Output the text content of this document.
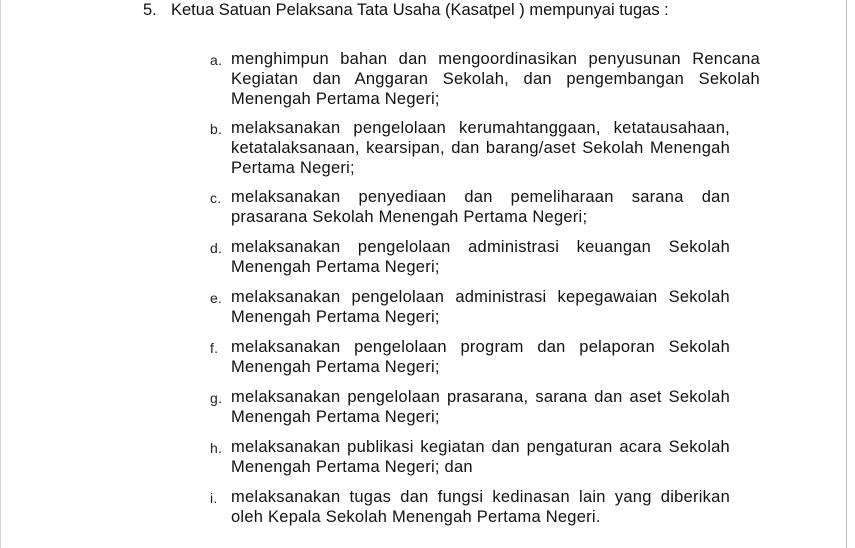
5. Ketua Satuan Pelaksana Tata Usaha (Kasatpel ) mempunyai tugas :
a. menghimpun bahan dan mengoordinasikan penyusunan Rencana Kegiatan dan Anggaran Sekolah, dan pengembangan Sekolah Menengah Pertama Negeri;
b. melaksanakan pengelolaan kerumahtanggaan, ketatausahaan, ketatalaksanaan, kearsipan, dan barang/aset Sekolah Menengah Pertama Negeri;
c. melaksanakan penyediaan dan pemeliharaan sarana dan prasarana Sekolah Menengah Pertama Negeri;
d. melaksanakan pengelolaan administrasi keuangan Sekolah Menengah Pertama Negeri;
e. melaksanakan pengelolaan administrasi kepegawaian Sekolah Menengah Pertama Negeri;
f. melaksanakan pengelolaan program dan pelaporan Sekolah Menengah Pertama Negeri;
g. melaksanakan pengelolaan prasarana, sarana dan aset Sekolah Menengah Pertama Negeri;
h. melaksanakan publikasi kegiatan dan pengaturan acara Sekolah Menengah Pertama Negeri; dan
i. melaksanakan tugas dan fungsi kedinasan lain yang diberikan oleh Kepala Sekolah Menengah Pertama Negeri.
